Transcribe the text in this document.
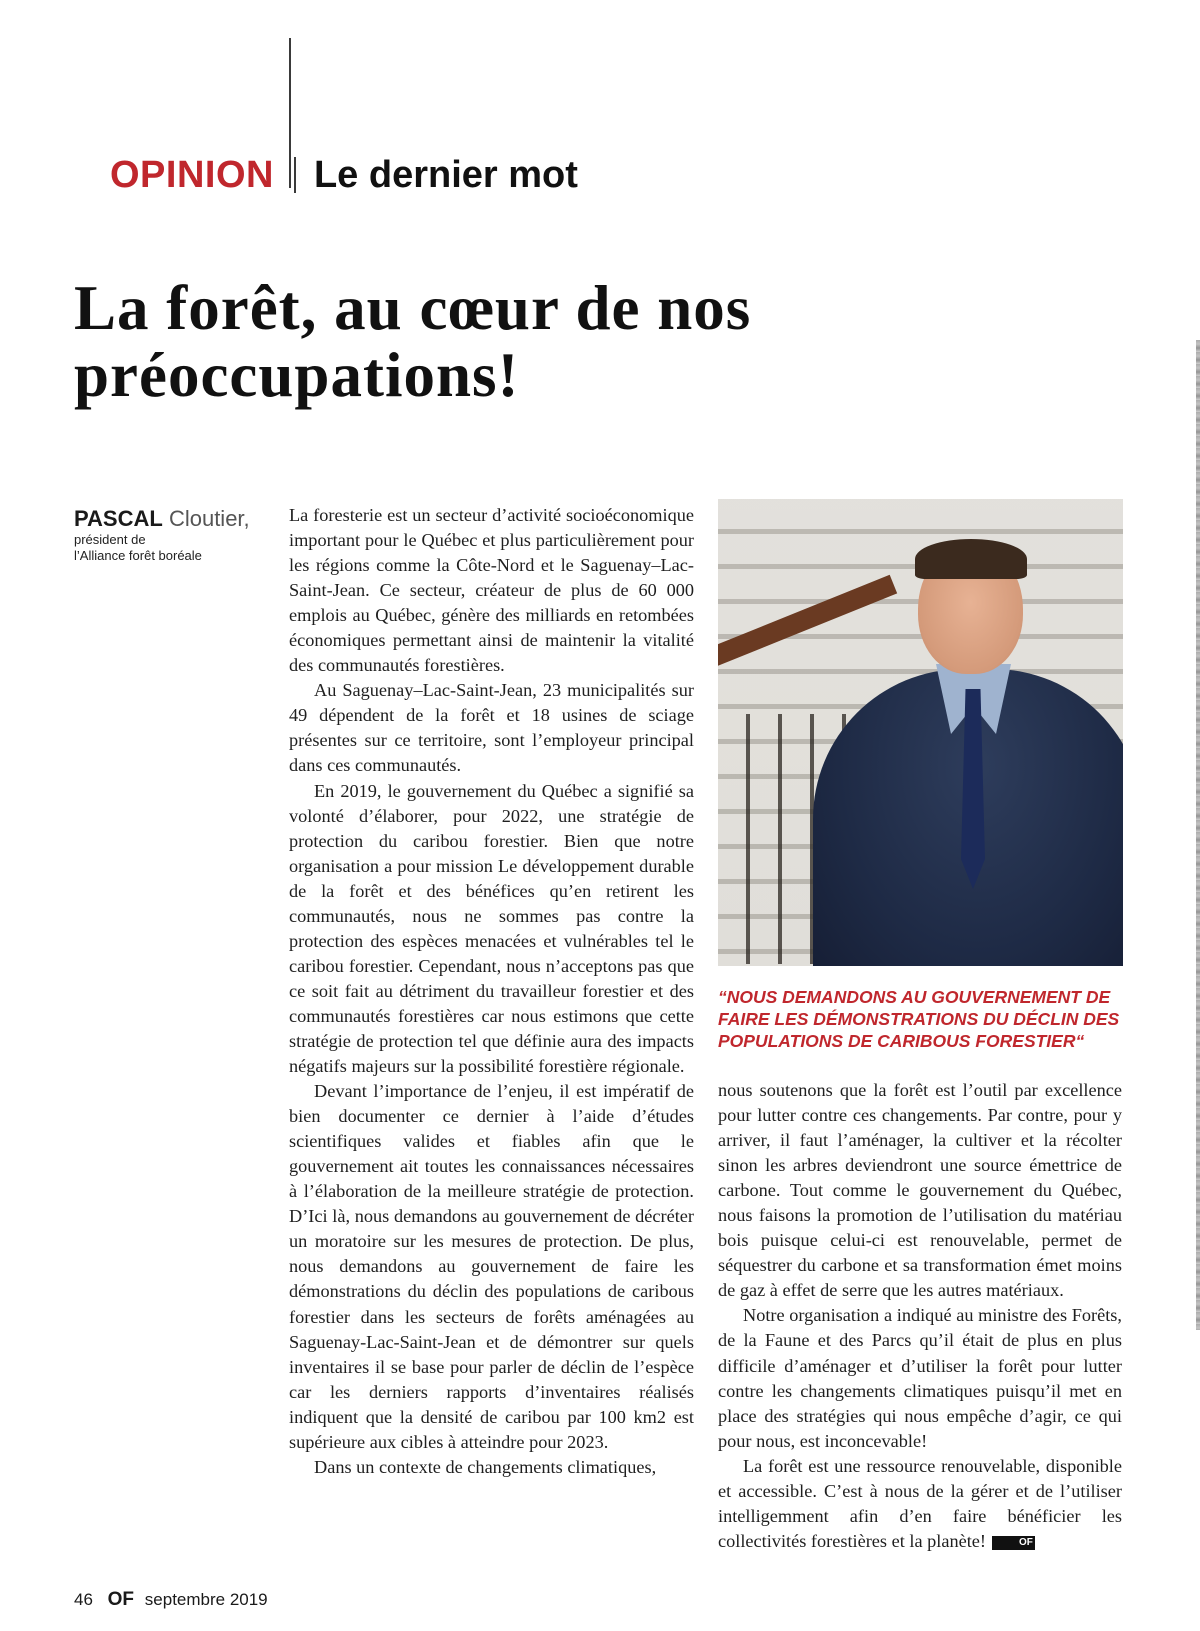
OPINION Le dernier mot
La forêt, au cœur de nos préoccupations!
PASCAL Cloutier,
président de
l’Alliance forêt boréale

La foresterie est un secteur d’activité socioéconomique important pour le Québec et plus particulièrement pour les régions comme la Côte-Nord et le Saguenay–Lac-Saint-Jean. Ce secteur, créateur de plus de 60 000 emplois au Québec, génère des milliards en retombées économiques permettant ainsi de maintenir la vitalité des communautés forestières.

Au Saguenay–Lac-Saint-Jean, 23 municipalités sur 49 dépendent de la forêt et 18 usines de sciage présentes sur ce territoire, sont l’employeur principal dans ces communautés.

En 2019, le gouvernement du Québec a signifié sa volonté d’élaborer, pour 2022, une stratégie de protection du caribou forestier. Bien que notre organisation a pour mission Le développement durable de la forêt et des bénéfices qu’en retirent les communautés, nous ne sommes pas contre la protection des espèces menacées et vulnérables tel le caribou forestier. Cependant, nous n’acceptons pas que ce soit fait au détriment du travailleur forestier et des communautés forestières car nous estimons que cette stratégie de protection tel que définie aura des impacts négatifs majeurs sur la possibilité forestière régionale.

Devant l’importance de l’enjeu, il est impératif de bien documenter ce dernier à l’aide d’études scientifiques valides et fiables afin que le gouvernement ait toutes les connaissances nécessaires à l’élaboration de la meilleure stratégie de protection. D’Ici là, nous demandons au gouvernement de décréter un moratoire sur les mesures de protection. De plus, nous demandons au gouvernement de faire les démonstrations du déclin des populations de caribous forestier dans les secteurs de forêts aménagées au Saguenay-Lac-Saint-Jean et de démontrer sur quels inventaires il se base pour parler de déclin de l’espèce car les derniers rapports d’inventaires réalisés indiquent que la densité de caribou par 100 km2 est supérieure aux cibles à atteindre pour 2023.

Dans un contexte de changements climatiques,

“NOUS DEMANDONS AU GOUVERNEMENT DE FAIRE LES DÉMONSTRATIONS DU DÉCLIN DES POPULATIONS DE CARIBOUS FORESTIER“

nous soutenons que la forêt est l’outil par excellence pour lutter contre ces changements. Par contre, pour y arriver, il faut l’aménager, la cultiver et la récolter sinon les arbres deviendront une source émettrice de carbone. Tout comme le gouvernement du Québec, nous faisons la promotion de l’utilisation du matériau bois puisque celui-ci est renouvelable, permet de séquestrer du carbone et sa transformation émet moins de gaz à effet de serre que les autres matériaux.

Notre organisation a indiqué au ministre des Forêts, de la Faune et des Parcs qu’il était de plus en plus difficile d’aménager et d’utiliser la forêt pour lutter contre les changements climatiques puisqu’il met en place des stratégies qui nous empêche d’agir, ce qui pour nous, est inconcevable!

La forêt est une ressource renouvelable, disponible et accessible. C’est à nous de la gérer et de l’utiliser intelligemment afin d’en faire bénéficier les collectivités forestières et la planète!	OF

46 OF septembre 2019
